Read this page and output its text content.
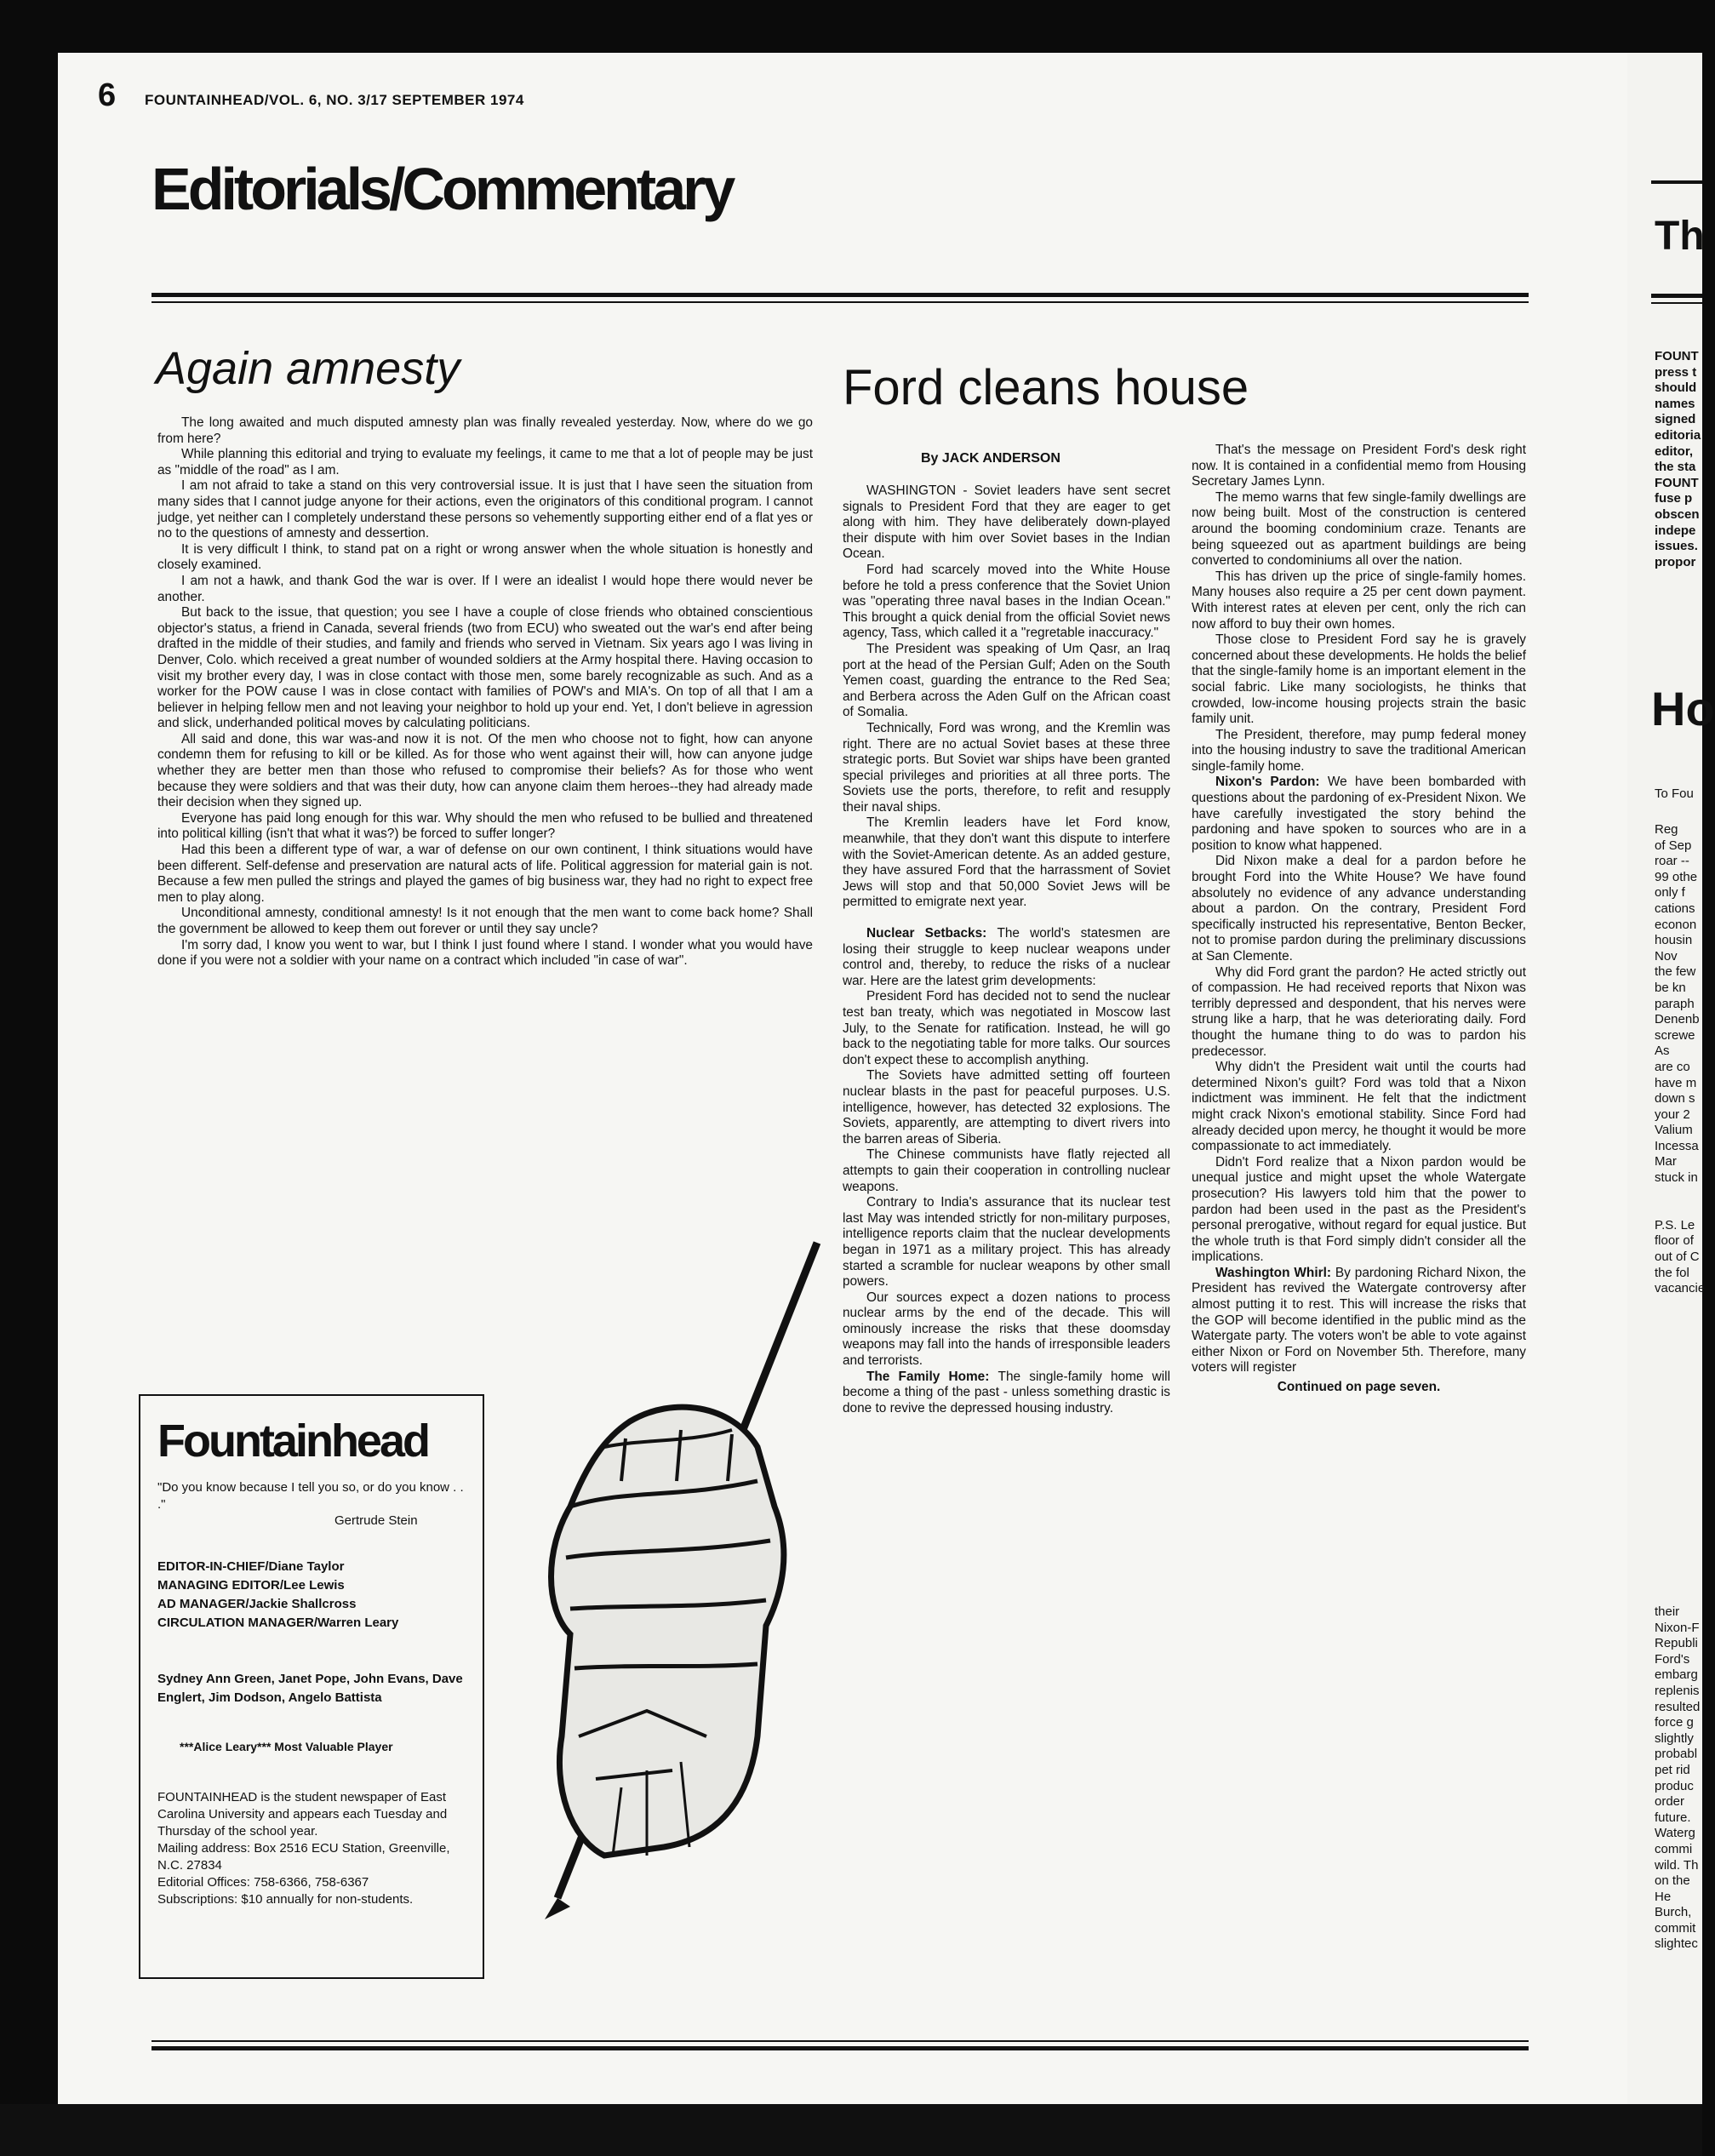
6 FOUNTAINHEAD/VOL. 6, NO. 3/17 SEPTEMBER 1974
Editorials/Commentary
Again amnesty

The long awaited and much disputed amnesty plan was finally revealed yesterday. Now, where do we go from here?

While planning this editorial and trying to evaluate my feelings, it came to me that a lot of people may be just as "middle of the road" as I am.

I am not afraid to take a stand on this very controversial issue. It is just that I have seen the situation from many sides that I cannot judge anyone for their actions, even the originators of this conditional program. I cannot judge, yet neither can I completely understand these persons so vehemently supporting either end of a flat yes or no to the questions of amnesty and dessertion.

It is very difficult I think, to stand pat on a right or wrong answer when the whole situation is honestly and closely examined.

I am not a hawk, and thank God the war is over. If I were an idealist I would hope there would never be another.

But back to the issue, that question; you see I have a couple of close friends who obtained conscientious objector's status, a friend in Canada, several friends (two from ECU) who sweated out the war's end after being drafted in the middle of their studies, and family and friends who served in Vietnam. Six years ago I was living in Denver, Colo. which received a great number of wounded soldiers at the Army hospital there. Having occasion to visit my brother every day, I was in close contact with those men, some barely recognizable as such. And as a worker for the POW cause I was in close contact with families of POW's and MIA's. On top of all that I am a believer in helping fellow men and not leaving your neighbor to hold up your end. Yet, I don't believe in agression and slick, underhanded political moves by calculating politicians.

All said and done, this war was-and now it is not. Of the men who choose not to fight, how can anyone condemn them for refusing to kill or be killed. As for those who went against their will, how can anyone judge whether they are better men than those who refused to compromise their beliefs? As for those who went because they were soldiers and that was their duty, how can anyone claim them heroes--they had already made their decision when they signed up.

Everyone has paid long enough for this war. Why should the men who refused to be bullied and threatened into political killing (isn't that what it was?) be forced to suffer longer?

Had this been a different type of war, a war of defense on our own continent, I think situations would have been different. Self-defense and preservation are natural acts of life. Political aggression for material gain is not. Because a few men pulled the strings and played the games of big business war, they had no right to expect free men to play along.

Unconditional amnesty, conditional amnesty! Is it not enough that the men want to come back home? Shall the government be allowed to keep them out forever or until they say uncle?

I'm sorry dad, I know you went to war, but I think I just found where I stand. I wonder what you would have done if you were not a soldier with your name on a contract which included "in case of war".

Ford cleans house
By JACK ANDERSON

WASHINGTON - Soviet leaders have sent secret signals to President Ford that they are eager to get along with him. They have deliberately down-played their dispute with him over Soviet bases in the Indian Ocean.

Ford had scarcely moved into the White House before he told a press conference that the Soviet Union was "operating three naval bases in the Indian Ocean." This brought a quick denial from the official Soviet news agency, Tass, which called it a "regretable inaccuracy."

The President was speaking of Um Qasr, an Iraq port at the head of the Persian Gulf; Aden on the South Yemen coast, guarding the entrance to the Red Sea; and Berbera across the Aden Gulf on the African coast of Somalia.

Technically, Ford was wrong, and the Kremlin was right. There are no actual Soviet bases at these three strategic ports. But Soviet war ships have been granted special privileges and priorities at all three ports. The Soviets use the ports, therefore, to refit and resupply their naval ships.

The Kremlin leaders have let Ford know, meanwhile, that they don't want this dispute to interfere with the Soviet-American detente. As an added gesture, they have assured Ford that the harrassment of Soviet Jews will stop and that 50,000 Soviet Jews will be permitted to emigrate next year.

Nuclear Setbacks: The world's statesmen are losing their struggle to keep nuclear weapons under control and, thereby, to reduce the risks of a nuclear war. Here are the latest grim developments:

President Ford has decided not to send the nuclear test ban treaty, which was negotiated in Moscow last July, to the Senate for ratification. Instead, he will go back to the negotiating table for more talks. Our sources don't expect these to accomplish anything.

The Soviets have admitted setting off fourteen nuclear blasts in the past for peaceful purposes. U.S. intelligence, however, has detected 32 explosions. The Soviets, apparently, are attempting to divert rivers into the barren areas of Siberia.

The Chinese communists have flatly rejected all attempts to gain their cooperation in controlling nuclear weapons.

Contrary to India's assurance that its nuclear test last May was intended strictly for non-military purposes, intelligence reports claim that the nuclear developments began in 1971 as a military project. This has already started a scramble for nuclear weapons by other small powers.

Our sources expect a dozen nations to process nuclear arms by the end of the decade. This will ominously increase the risks that these doomsday weapons may fall into the hands of irresponsible leaders and terrorists.

The Family Home: The single-family home will become a thing of the past - unless something drastic is done to revive the depressed housing industry.

That's the message on President Ford's desk right now. It is contained in a confidential memo from Housing Secretary James Lynn.

The memo warns that few single-family dwellings are now being built. Most of the construction is centered around the booming condominium craze. Tenants are being squeezed out as apartment buildings are being converted to condominiums all over the nation.

This has driven up the price of single-family homes. Many houses also require a 25 per cent down payment. With interest rates at eleven per cent, only the rich can now afford to buy their own homes.

Those close to President Ford say he is gravely concerned about these developments. He holds the belief that the single-family home is an important element in the social fabric. Like many sociologists, he thinks that crowded, low-income housing projects strain the basic family unit.

The President, therefore, may pump federal money into the housing industry to save the traditional American single-family home.

Nixon's Pardon: We have been bombarded with questions about the pardoning of ex-President Nixon. We have carefully investigated the story behind the pardoning and have spoken to sources who are in a position to know what happened.

Did Nixon make a deal for a pardon before he brought Ford into the White House? We have found absolutely no evidence of any advance understanding about a pardon. On the contrary, President Ford specifically instructed his representative, Benton Becker, not to promise pardon during the preliminary discussions at San Clemente.

Why did Ford grant the pardon? He acted strictly out of compassion. He had received reports that Nixon was terribly depressed and despondent, that his nerves were strung like a harp, that he was deteriorating daily. Ford thought the humane thing to do was to pardon his predecessor.

Why didn't the President wait until the courts had determined Nixon's guilt? Ford was told that a Nixon indictment was imminent. He felt that the indictment might crack Nixon's emotional stability. Since Ford had already decided upon mercy, he thought it would be more compassionate to act immediately.

Didn't Ford realize that a Nixon pardon would be unequal justice and might upset the whole Watergate prosecution? His lawyers told him that the power to pardon had been used in the past as the President's personal prerogative, without regard for equal justice. But the whole truth is that Ford simply didn't consider all the implications.

Washington Whirl: By pardoning Richard Nixon, the President has revived the Watergate controversy after almost putting it to rest. This will increase the risks that the GOP will become identified in the public mind as the Watergate party. The voters won't be able to vote against either Nixon or Ford on November 5th. Therefore, many voters will register

Continued on page seven.
Fountainhead
"Do you know because I tell you so, or do you know . . ."
Gertrude Stein
EDITOR-IN-CHIEF/Diane Taylor
MANAGING EDITOR/Lee Lewis
AD MANAGER/Jackie Shallcross
CIRCULATION MANAGER/Warren Leary
Sydney Ann Green, Janet Pope, John Evans, Dave Englert, Jim Dodson, Angelo Battista
***Alice Leary*** Most Valuable Player
FOUNTAINHEAD is the student newspaper of East Carolina University and appears each Tuesday and Thursday of the school year.
Mailing address: Box 2516 ECU Station, Greenville, N.C. 27834
Editorial Offices: 758-6366, 758-6367
Subscriptions: $10 annually for non-students.
Th
FOUNT
press t
should
names
signed
editoria
editor,
the sta
FOUNT
fuse p
obscen
indepe
issues.
propor
Ho
To Fou
Reg
of Sep
roar --
99 othe
only f
cations
econon
housin
Nov
the few
be kn
paraph
Denenb
screwe
As
are co
have m
down s
your 2
Valium
Incessa
Mar
stuck in

P.S. Le
floor of
out of C
the fol
vacancie
their
Nixon-F
Republi
Ford's
embarg
replenis
resulted
force g
slightly
probabl
pet rid
produc
order
future.
Waterg
commi
wild. Th
on the
He
Burch,
commit
slightec
